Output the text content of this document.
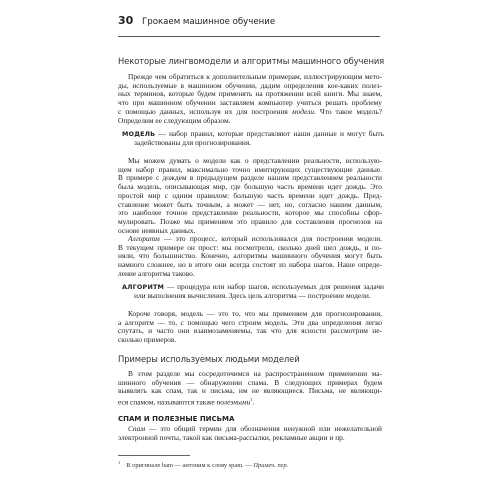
30	Грокаем машинное обучение
Некоторые лингвомодели и алгоритмы машинного обучения
Прежде чем обратиться к дополнительным примерам, иллюстрирующим мето-
ды, используемые в машинном обучении, дадим определения кое-каких полез-
ных терминов, которые будем применять на протяжении всей книги. Мы знаем,
что при машинном обучении заставляем компьютер учиться решать проблему
с помощью данных, используя их для построения модели. Что такое модель?
Определим ее следующим образом.
МОДЕЛЬ — набор правил, которые представляют наши данные и могут быть
задействованы для прогнозирования.
Мы можем думать о модели как о представлении реальности, использую-
щем набор правил, максимально точно имитирующих существующие данные.
В примере с дождем в предыдущем разделе нашим представлением реальности
была модель, описывающая мир, где большую часть времени идет дождь. Это
простой мир с одним правилом: большую часть времени идет дождь. Пред-
ставление может быть точным, а может — нет, но, согласно нашим данным,
это наиболее точное представление реальности, которое мы способны сфор-
мулировать. Позже мы применяем это правило для составления прогнозов на
основе неявных данных.
Алгоритм — это процесс, который использовался для построения модели.
В текущем примере он прост: мы посмотрели, сколько дней шел дождь, и по-
няли, что большинство. Конечно, алгоритмы машинного обучения могут быть
намного сложнее, но в итоге они всегда состоят из набора шагов. Наше опреде-
ление алгоритма таково.
АЛГОРИТМ — процедура или набор шагов, используемых для решения задачи
или выполнения вычисления. Здесь цель алгоритма — построение модели.
Короче говоря, модель — это то, что мы применяем для прогнозирования,
а алгоритм — то, с помощью чего строим модель. Эти два определения легко
спутать, и часто они взаимозаменяемы, так что для ясности рассмотрим не-
сколько примеров.
Примеры используемых людьми моделей
В этом разделе мы сосредоточимся на распространенном применении ма-
шинного обучения — обнаружении спама. В следующих примерах будем
выявлять как спам, так и письма, им не являющиеся. Письма, не являющи-
еся спамом, называются также полезными$^1$.
СПАМ И ПОЛЕЗНЫЕ ПИСЬМА
Спам — это общий термин для обозначения ненужной или нежелательной
электронной почты, такой как письма-рассылки, рекламные акции и пр.
$^1$ В оригинале ham — антоним к слову spam. — Примеч. пер.
